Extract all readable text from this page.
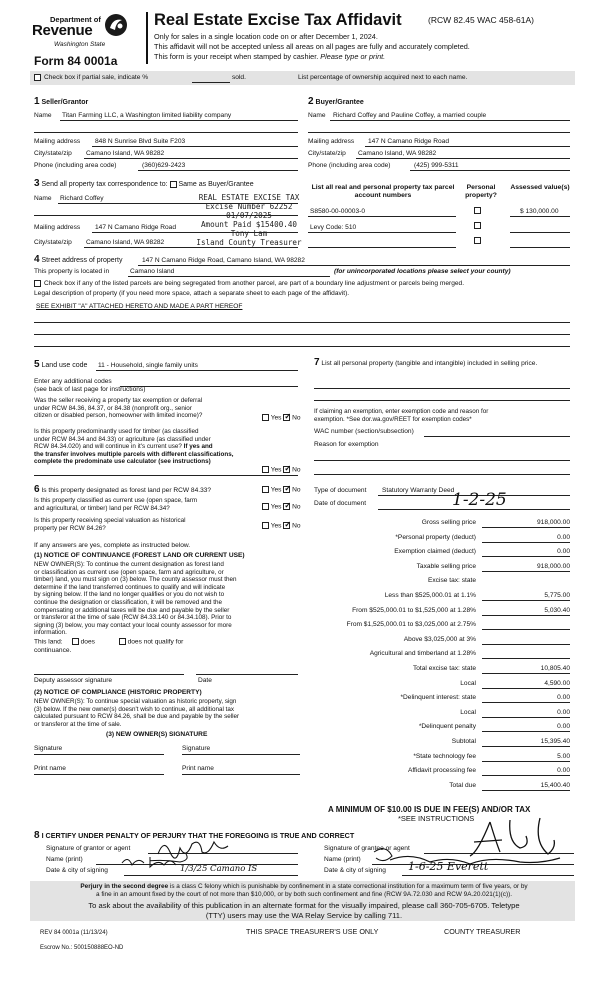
Department of
Revenue
Washington State
Form 84 0001a
Real Estate Excise Tax Affidavit	(RCW 82.45 WAC 458-61A)
Only for sales in a single location code on or after December 1, 2024.
This affidavit will not be accepted unless all areas on all pages are fully and accurately completed.
This form is your receipt when stamped by cashier. Please type or print.
Check box if partial sale, indicate %	sold.	List percentage of ownership acquired next to each name.
1 Seller/Grantor
Name Titan Farming LLC, a Washington limited liability company
Mailing address 848 N Sunrise Blvd Suite F203
City/state/zip Camano Island, WA 98282
Phone (including area code)	(360)629-2423
2 Buyer/Grantee
Name Richard Coffey and Pauline Coffey, a married couple
Mailing address 147 N Camano Ridge Road
City/state/zip Camano Island, WA 98282
Phone (including area code)	(425) 999-5311
3 Send all property tax correspondence to: Same as Buyer/Grantee
Name Richard Coffey
Mailing address 147 N Camano Ridge Road
City/state/zip Camano Island, WA 98282
REAL ESTATE EXCISE TAX
Excise Number 62252
01/07/2025
Amount Paid $15400.40
Tony Lam
Island County Treasurer
List all real and personal property tax parcel account numbers
Personal property?
Assessed value(s)
S8580-00-00003-0	$ 130,000.00
Levy Code: 510
4 Street address of property	147 N Camano Ridge Road, Camano Island, WA 98282
This property is located in	Camano Island	(for unincorporated locations please select your county)
Check box if any of the listed parcels are being segregated from another parcel, are part of a boundary line adjustment or parcels being merged.
Legal description of property (if you need more space, attach a separate sheet to each page of the affidavit).
SEE EXHIBIT "A" ATTACHED HERETO AND MADE A PART HEREOF
5 Land use code 11 - Household, single family units
Enter any additional codes
(see back of last page for instructions)
Was the seller receiving a property tax exemption or deferral
under RCW 84.36, 84.37, or 84.38 (nonprofit org., senior
citizen or disabled person, homeowner with limited income)?	Yes ✓ No
Is this property predominantly used for timber (as classified
under RCW 84.34 and 84.33) or agriculture (as classified under
RCW 84.34.020) and will continue in it's current use? If yes and
the transfer involves multiple parcels with different classifications,
complete the predominate use calculator (see instructions)
Yes ✓ No
7 List all personal property (tangible and intangible) included in selling price.
If claiming an exemption, enter exemption code and reason for
exemption. *See dor.wa.gov/REET for exemption codes*
WAC number (section/subsection)
Reason for exemption
6 Is this property designated as forest land per RCW 84.33?	Yes ✓ No
Is this property classified as current use (open space, farm
and agricultural, or timber) land per RCW 84.34?	Yes ✓ No
Is this property receiving special valuation as historical
property per RCW 84.26?	Yes ✓ No
If any answers are yes, complete as instructed below.
(1) NOTICE OF CONTINUANCE (FOREST LAND OR CURRENT USE)
NEW OWNER(S): To continue the current designation as forest land
or classification as current use (open space, farm and agriculture, or
timber) land, you must sign on (3) below. The county assessor must then
determine if the land transferred continues to qualify and will indicate
by signing below. If the land no longer qualifies or you do not wish to
continue the designation or classification, it will be removed and the
compensating or additional taxes will be due and payable by the seller
or transferor at the time of sale (RCW 84.33.140 or 84.34.108). Prior to
signing (3) below, you may contact your local county assessor for more
information.
This land:	does	does not qualify for
continuance.
Deputy assessor signature	Date
(2) NOTICE OF COMPLIANCE (HISTORIC PROPERTY)
NEW OWNER(S): To continue special valuation as historic property, sign
(3) below. If the new owner(s) doesn't wish to continue, all additional tax
calculated pursuant to RCW 84.26, shall be due and payable by the seller
or transferor at the time of sale.
(3) NEW OWNER(S) SIGNATURE
Signature	Signature
Print name	Print name
Type of document Statutory Warranty Deed
Date of document	1-2-25
Gross selling price	918,000.00
*Personal property (deduct)	0.00
Exemption claimed (deduct)	0.00
Taxable selling price	918,000.00
Excise tax: state
Less than $525,000.01 at 1.1%	5,775.00
From $525,000.01 to $1,525,000 at 1.28%	5,030.40
From $1,525,000.01 to $3,025,000 at 2.75%
Above $3,025,000 at 3%
Agricultural and timberland at 1.28%
Total excise tax: state	10,805.40
Local	4,590.00
*Delinquent interest: state	0.00
Local	0.00
*Delinquent penalty	0.00
Subtotal	15,395.40
*State technology fee	5.00
Affidavit processing fee	0.00
Total due	15,400.40
A MINIMUM OF $10.00 IS DUE IN FEE(S) AND/OR TAX
*SEE INSTRUCTIONS
8 I CERTIFY UNDER PENALTY OF PERJURY THAT THE FOREGOING IS TRUE AND CORRECT
Signature of grantor or agent
Name (print)
Date & city of signing	1/3/25 Camano IS
Signature of grantee or agent
Name (print)
Date & city of signing 1-6-25 Everett
Perjury in the second degree is a class C felony which is punishable by confinement in a state correctional institution for a maximum term of five years, or by
a fine in an amount fixed by the court of not more than $10,000, or by both such confinement and fine (RCW 9A.72.030 and RCW 9A.20.021(1)(c)).
To ask about the availability of this publication in an alternate format for the visually impaired, please call 360-705-6705. Teletype
(TTY) users may use the WA Relay Service by calling 711.
REV 84 0001a (11/13/24)	THIS SPACE TREASURER'S USE ONLY	COUNTY TREASURER
Escrow No.: 500150888EO-ND
